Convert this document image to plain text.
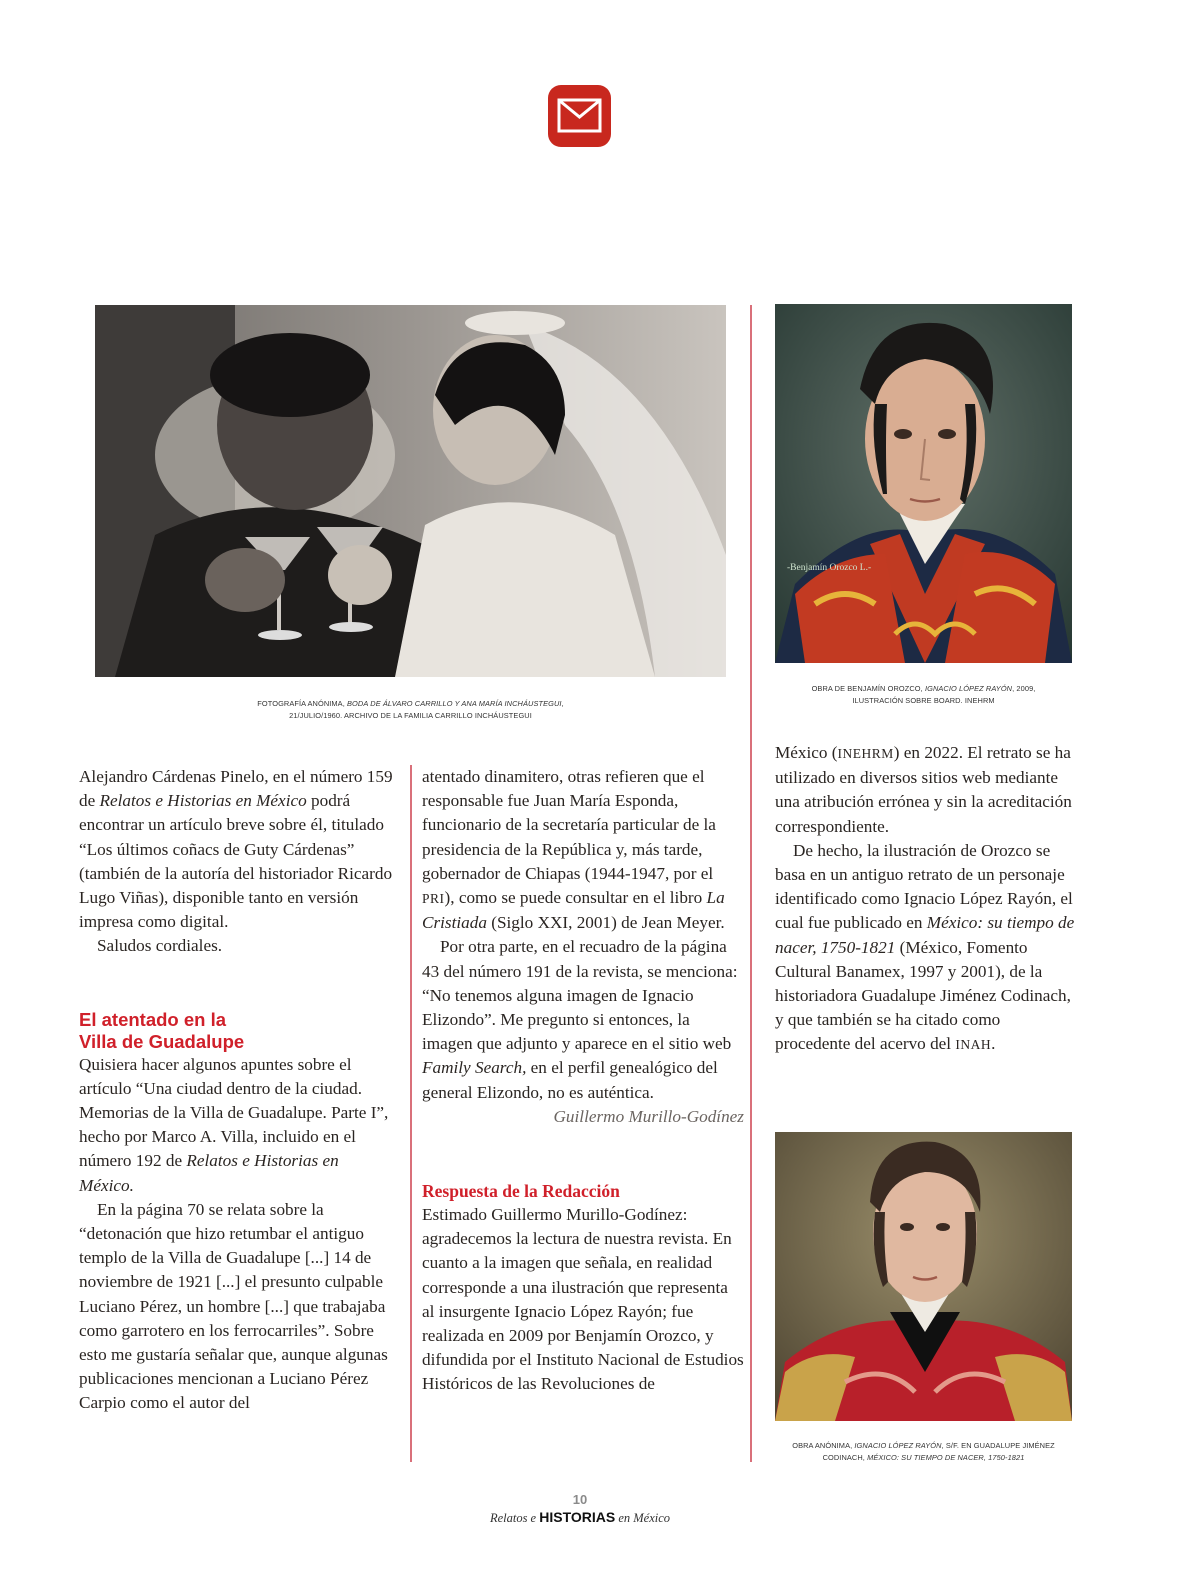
FOTOGRAFÍA ANÓNIMA, BODA DE ÁLVARO CARRILLO Y ANA MARÍA INCHÁUSTEGUI,
21/JULIO/1960. ARCHIVO DE LA FAMILIA CARRILLO INCHÁUSTEGUI
-Benjamín Orozco L.-
OBRA DE BENJAMÍN OROZCO, IGNACIO LÓPEZ RAYÓN, 2009,
ILUSTRACIÓN SOBRE BOARD. INEHRM

Alejandro Cárdenas Pinelo, en el número 159 de Relatos e Historias en México podrá encontrar un artículo breve sobre él, titulado “Los últimos coñacs de Guty Cárdenas” (también de la autoría del historiador Ricardo Lugo Viñas), disponible tanto en versión impresa como digital.

Saludos cordiales.

El atentado en la
Villa de Guadalupe

Quisiera hacer algunos apuntes sobre el artículo “Una ciudad dentro de la ciudad. Memorias de la Villa de Guadalupe. Parte I”, hecho por Marco A. Villa, incluido en el número 192 de Relatos e Historias en México.

En la página 70 se relata sobre la “detonación que hizo retumbar el antiguo templo de la Villa de Guadalupe [...] 14 de noviembre de 1921 [...] el presunto culpable Luciano Pérez, un hombre [...] que trabajaba como garrotero en los ferrocarriles”. Sobre esto me gustaría señalar que, aunque algunas publicaciones mencionan a Luciano Pérez Carpio como el autor del

atentado dinamitero, otras refieren que el responsable fue Juan María Esponda, funcionario de la secretaría particular de la presidencia de la República y, más tarde, gobernador de Chiapas (1944-1947, por el PRI), como se puede consultar en el libro La Cristiada (Siglo XXI, 2001) de Jean Meyer.

Por otra parte, en el recuadro de la página 43 del número 191 de la revista, se menciona: “No tenemos alguna imagen de Ignacio Elizondo”. Me pregunto si entonces, la imagen que adjunto y aparece en el sitio web Family Search, en el perfil genealógico del general Elizondo, no es auténtica.

Guillermo Murillo-Godínez

Respuesta de la Redacción

Estimado Guillermo Murillo-Godínez: agradecemos la lectura de nuestra revista. En cuanto a la imagen que señala, en realidad corresponde a una ilustración que representa al insurgente Ignacio López Rayón; fue realizada en 2009 por Benjamín Orozco, y difundida por el Instituto Nacional de Estudios Históricos de las Revoluciones de

México (INEHRM) en 2022. El retrato se ha utilizado en diversos sitios web mediante una atribución errónea y sin la acreditación correspondiente.

De hecho, la ilustración de Orozco se basa en un antiguo retrato de un personaje identificado como Ignacio López Rayón, el cual fue publicado en México: su tiempo de nacer, 1750-1821 (México, Fomento Cultural Banamex, 1997 y 2001), de la historiadora Guadalupe Jiménez Codinach, y que también se ha citado como procedente del acervo del INAH.

OBRA ANÓNIMA, IGNACIO LÓPEZ RAYÓN, S/F. EN GUADALUPE JIMÉNEZ
CODINACH, MÉXICO: SU TIEMPO DE NACER, 1750-1821
10
Relatos e HISTORIAS en México
